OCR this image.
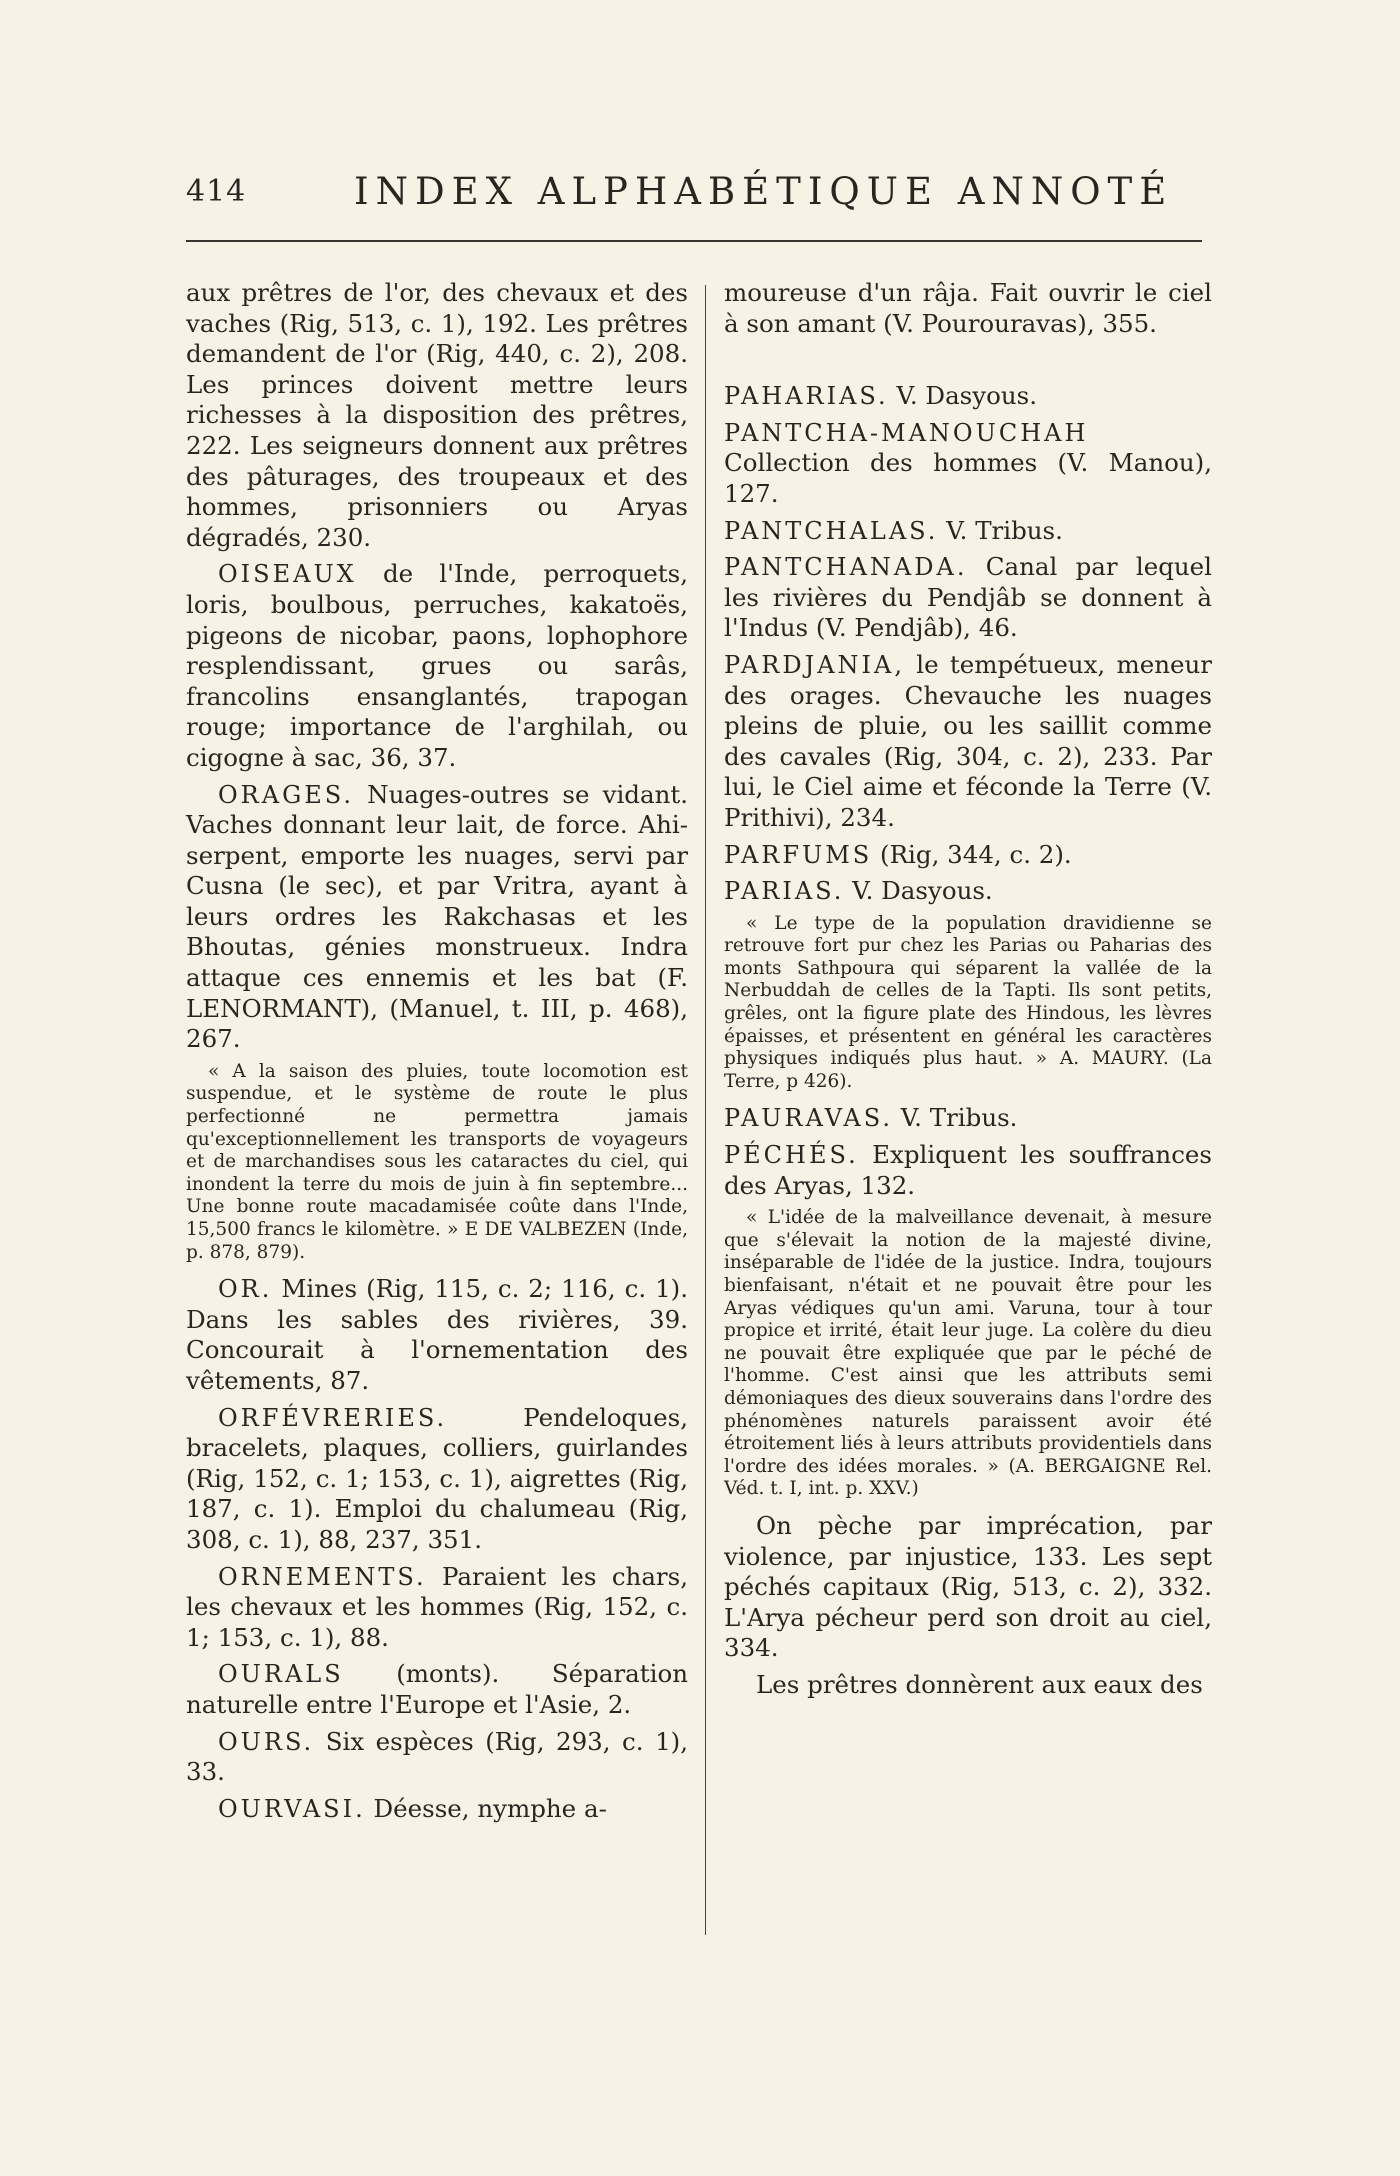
414	INDEX ALPHABÉTIQUE ANNOTÉ

aux prêtres de l'or, des chevaux et des vaches (Rig, 513, c. 1), 192. Les prêtres demandent de l'or (Rig, 440, c. 2), 208. Les princes doivent mettre leurs richesses à la disposition des prêtres, 222. Les seigneurs donnent aux prêtres des pâturages, des troupeaux et des hommes, prisonniers ou Aryas dégradés, 230.

OISEAUX de l'Inde, perroquets, loris, boulbous, perruches, kakatoës, pigeons de nicobar, paons, lophophore resplendissant, grues ou sarâs, francolins ensanglantés, trapogan rouge; importance de l'arghilah, ou cigogne à sac, 36, 37.

ORAGES. Nuages-outres se vidant. Vaches donnant leur lait, de force. Ahi-serpent, emporte les nuages, servi par Cusna (le sec), et par Vritra, ayant à leurs ordres les Rakchasas et les Bhoutas, génies monstrueux. Indra attaque ces ennemis et les bat (F. LENORMANT), (Manuel, t. III, p. 468), 267.

« A la saison des pluies, toute locomotion est suspendue, et le système de route le plus perfectionné ne permettra jamais qu'exceptionnellement les transports de voyageurs et de marchandises sous les cataractes du ciel, qui inondent la terre du mois de juin à fin septembre... Une bonne route macadamisée coûte dans l'Inde, 15,500 francs le kilomètre. » E DE VALBEZEN (Inde, p. 878, 879).

OR. Mines (Rig, 115, c. 2; 116, c. 1). Dans les sables des rivières, 39. Concourait à l'ornementation des vêtements, 87.

ORFÉVRERIES.	Pendeloques, bracelets, plaques, colliers, guirlandes (Rig, 152, c. 1; 153, c. 1), aigrettes (Rig, 187, c. 1). Emploi du chalumeau (Rig, 308, c. 1), 88, 237, 351.

ORNEMENTS. Paraient les chars, les chevaux et les hommes (Rig, 152, c. 1; 153, c. 1), 88.

OURALS (monts). Séparation naturelle entre l'Europe et l'Asie, 2.

OURS. Six espèces (Rig, 293, c. 1), 33.

OURVASI. Déesse, nymphe a-

moureuse d'un râja. Fait ouvrir le ciel à son amant (V. Pourouravas), 355.

PAHARIAS. V. Dasyous.

PANTCHA-MANOUCHAH
Collection des hommes (V. Manou), 127.

PANTCHALAS. V. Tribus.

PANTCHANADA. Canal par lequel les rivières du Pendjâb se donnent à l'Indus (V. Pendjâb), 46.

PARDJANIA, le tempétueux, meneur des orages. Chevauche les nuages pleins de pluie, ou les saillit comme des cavales (Rig, 304, c. 2), 233. Par lui, le Ciel aime et féconde la Terre (V. Prithivi), 234.

PARFUMS (Rig, 344, c. 2).

PARIAS. V. Dasyous.

« Le type de la population dravidienne se retrouve fort pur chez les Parias ou Paharias des monts Sathpoura qui séparent la vallée de la Nerbuddah de celles de la Tapti. Ils sont petits, grêles, ont la figure plate des Hindous, les lèvres épaisses, et présentent en général les caractères physiques indiqués plus haut. » A. MAURY. (La Terre, p 426).

PAURAVAS. V. Tribus.

PÉCHÉS. Expliquent les souffrances des Aryas, 132.

« L'idée de la malveillance devenait, à mesure que s'élevait la notion de la majesté divine, inséparable de l'idée de la justice. Indra, toujours bienfaisant, n'était et ne pouvait être pour les Aryas védiques qu'un ami. Varuna, tour à tour propice et irrité, était leur juge. La colère du dieu ne pouvait être expliquée que par le péché de l'homme. C'est ainsi que les attributs semi démoniaques des dieux souverains dans l'ordre des phénomènes naturels paraissent avoir été étroitement liés à leurs attributs providentiels dans l'ordre des idées morales. » (A. BERGAIGNE Rel. Véd. t. I, int. p. XXV.)

On pèche par imprécation, par violence, par injustice, 133. Les sept péchés capitaux (Rig, 513, c. 2), 332. L'Arya pécheur perd son droit au ciel, 334.

Les prêtres donnèrent aux eaux des
